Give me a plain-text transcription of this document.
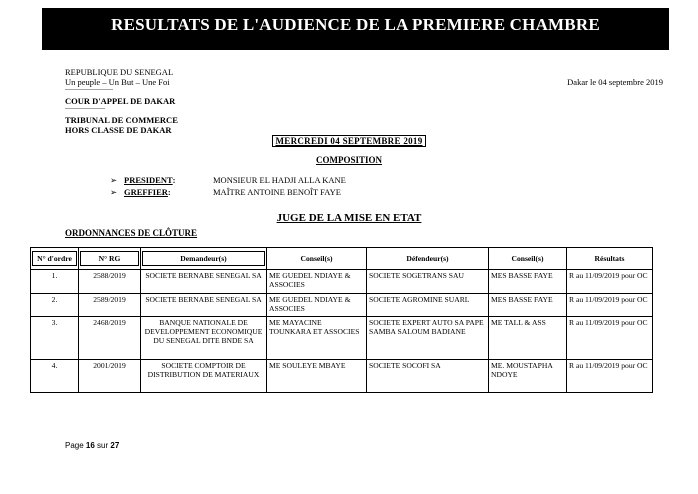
RESULTATS DE L'AUDIENCE DE LA PREMIERE CHAMBRE
REPUBLIQUE DU SENEGAL
Un peuple – Un But – Une Foi
------------------------
COUR D'APPEL DE DAKAR
--------------------
TRIBUNAL DE COMMERCE
HORS CLASSE DE DAKAR
Dakar le 04 septembre 2019
MERCREDI 04 SEPTEMBRE 2019
COMPOSITION
➢ PRESIDENT:	MONSIEUR EL HADJI ALLA KANE
➢ GREFFIER:	MAÎTRE ANTOINE BENOÎT FAYE
JUGE DE LA MISE EN ETAT
ORDONNANCES DE CLÔTURE
N° d'ordre	N° RG	Demandeur(s)	Conseil(s)	Défendeur(s)	Conseil(s)	Résultats
1.	2588/2019	SOCIETE BERNABE SENEGAL SA	ME GUEDEL NDIAYE & ASSOCIES	SOCIETE SOGETRANS SAU	MES BASSE FAYE	R au 11/09/2019 pour OC
2.	2589/2019	SOCIETE BERNABE SENEGAL SA	ME GUEDEL NDIAYE & ASSOCIES	SOCIETE AGROMINE SUARL	MES BASSE FAYE	R au 11/09/2019 pour OC
3.	2468/2019	BANQUE NATIONALE DE DEVELOPPEMENT ECONOMIQUE DU SENEGAL DITE BNDE SA	ME MAYACINE TOUNKARA ET ASSOCIES	SOCIETE EXPERT AUTO SA PAPE SAMBA SALOUM BADIANE	ME TALL & ASS	R au 11/09/2019 pour OC
4.	2001/2019	SOCIETE COMPTOIR DE DISTRIBUTION DE MATERIAUX	ME SOULEYE MBAYE	SOCIETE SOCOFI SA	ME. MOUSTAPHA NDOYE	R au 11/09/2019 pour OC
Page 16 sur 27
